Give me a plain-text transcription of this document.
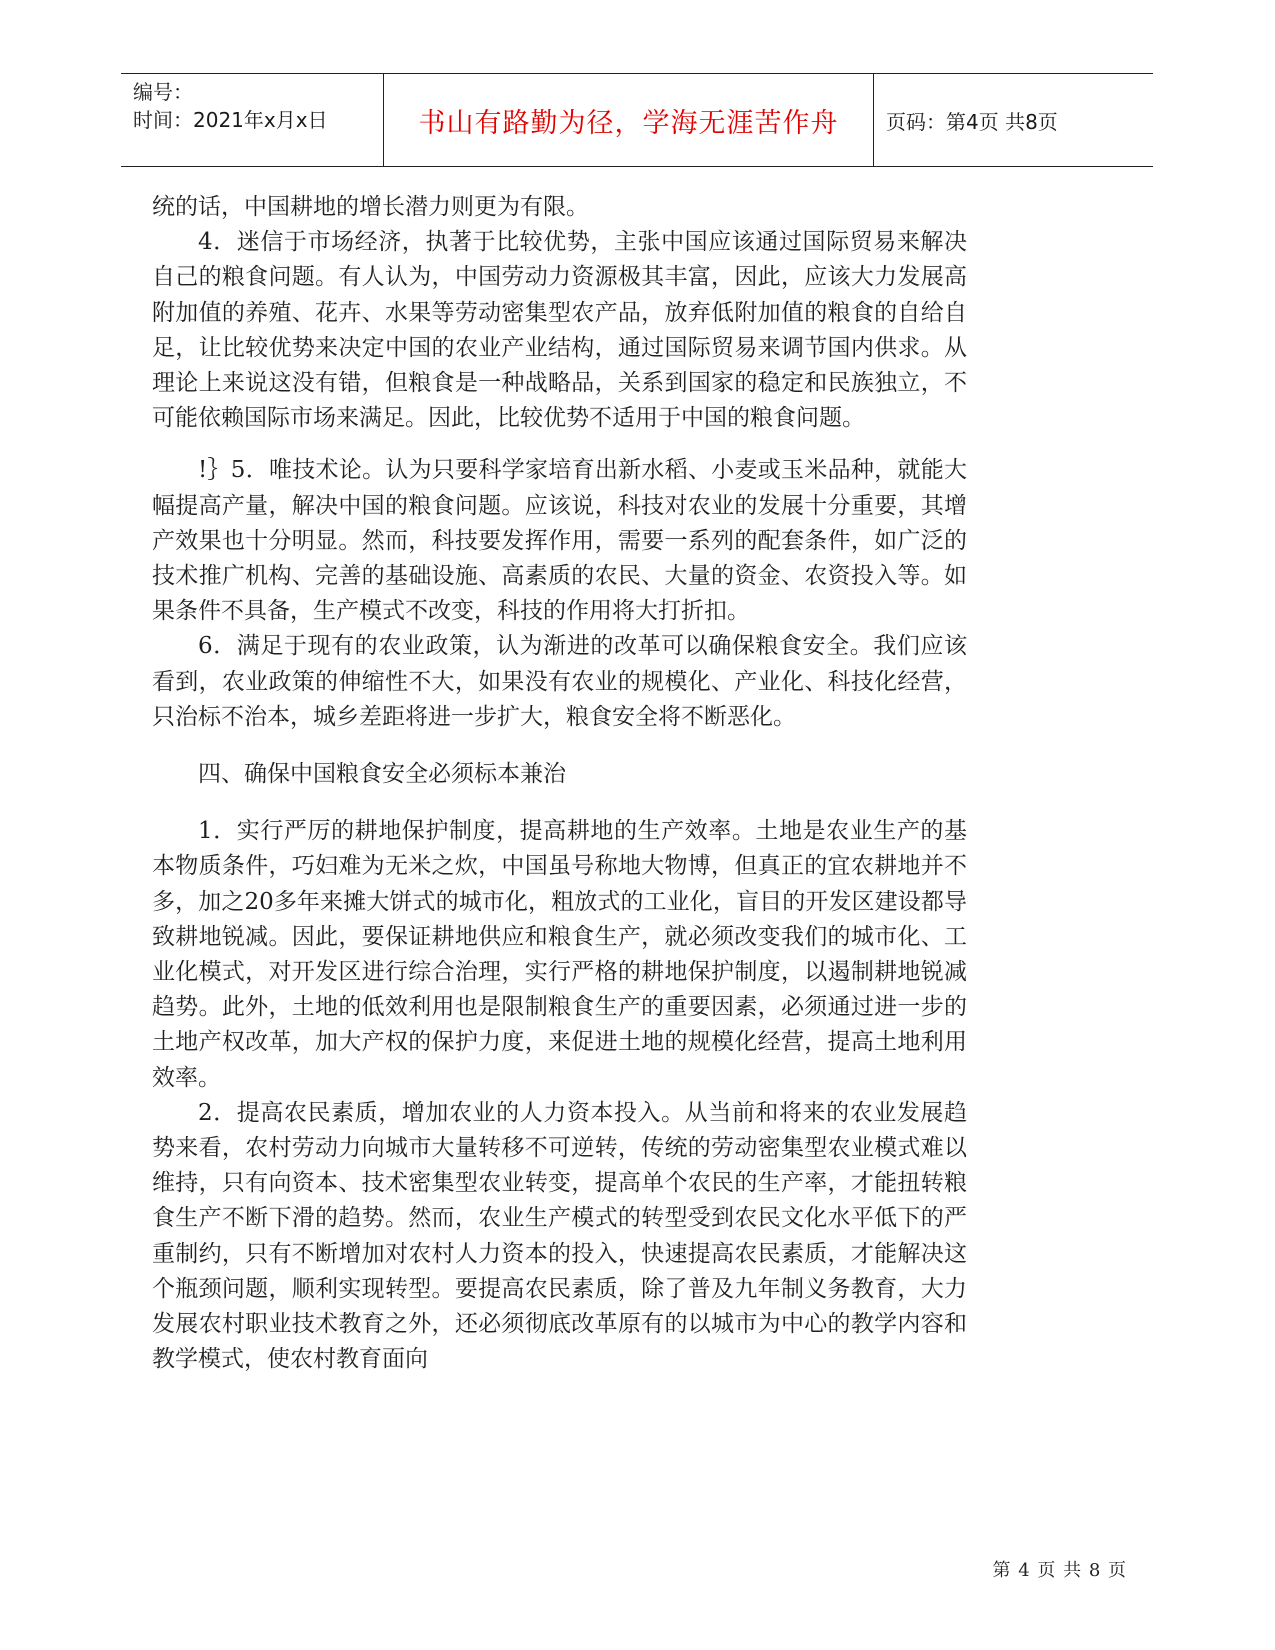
编号：
时间：2021年x月x日	书山有路勤为径，学海无涯苦作舟 页码：第4页 共8页

统的话，中国耕地的增长潜力则更为有限。

4．迷信于市场经济，执著于比较优势，主张中国应该通过国际贸易来解决自己的粮食问题。有人认为，中国劳动力资源极其丰富，因此，应该大力发展高附加值的养殖、花卉、水果等劳动密集型农产品，放弃低附加值的粮食的自给自足，让比较优势来决定中国的农业产业结构，通过国际贸易来调节国内供求。从理论上来说这没有错，但粮食是一种战略品，关系到国家的稳定和民族独立，不可能依赖国际市场来满足。因此，比较优势不适用于中国的粮食问题。

!｝5．唯技术论。认为只要科学家培育出新水稻、小麦或玉米品种，就能大幅提高产量，解决中国的粮食问题。应该说，科技对农业的发展十分重要，其增产效果也十分明显。然而，科技要发挥作用，需要一系列的配套条件，如广泛的技术推广机构、完善的基础设施、高素质的农民、大量的资金、农资投入等。如果条件不具备，生产模式不改变，科技的作用将大打折扣。

6．满足于现有的农业政策，认为渐进的改革可以确保粮食安全。我们应该看到，农业政策的伸缩性不大，如果没有农业的规模化、产业化、科技化经营，只治标不治本，城乡差距将进一步扩大，粮食安全将不断恶化。

四、确保中国粮食安全必须标本兼治

1．实行严厉的耕地保护制度，提高耕地的生产效率。土地是农业生产的基本物质条件，巧妇难为无米之炊，中国虽号称地大物博，但真正的宜农耕地并不多，加之20多年来摊大饼式的城市化，粗放式的工业化，盲目的开发区建设都导致耕地锐减。因此，要保证耕地供应和粮食生产，就必须改变我们的城市化、工业化模式，对开发区进行综合治理，实行严格的耕地保护制度，以遏制耕地锐减趋势。此外，土地的低效利用也是限制粮食生产的重要因素，必须通过进一步的土地产权改革，加大产权的保护力度，来促进土地的规模化经营，提高土地利用效率。

2．提高农民素质，增加农业的人力资本投入。从当前和将来的农业发展趋势来看，农村劳动力向城市大量转移不可逆转，传统的劳动密集型农业模式难以维持，只有向资本、技术密集型农业转变，提高单个农民的生产率，才能扭转粮食生产不断下滑的趋势。然而，农业生产模式的转型受到农民文化水平低下的严重制约，只有不断增加对农村人力资本的投入，快速提高农民素质，才能解决这个瓶颈问题，顺利实现转型。要提高农民素质，除了普及九年制义务教育，大力发展农村职业技术教育之外，还必须彻底改革原有的以城市为中心的教学内容和教学模式，使农村教育面向

第 4 页 共 8 页
